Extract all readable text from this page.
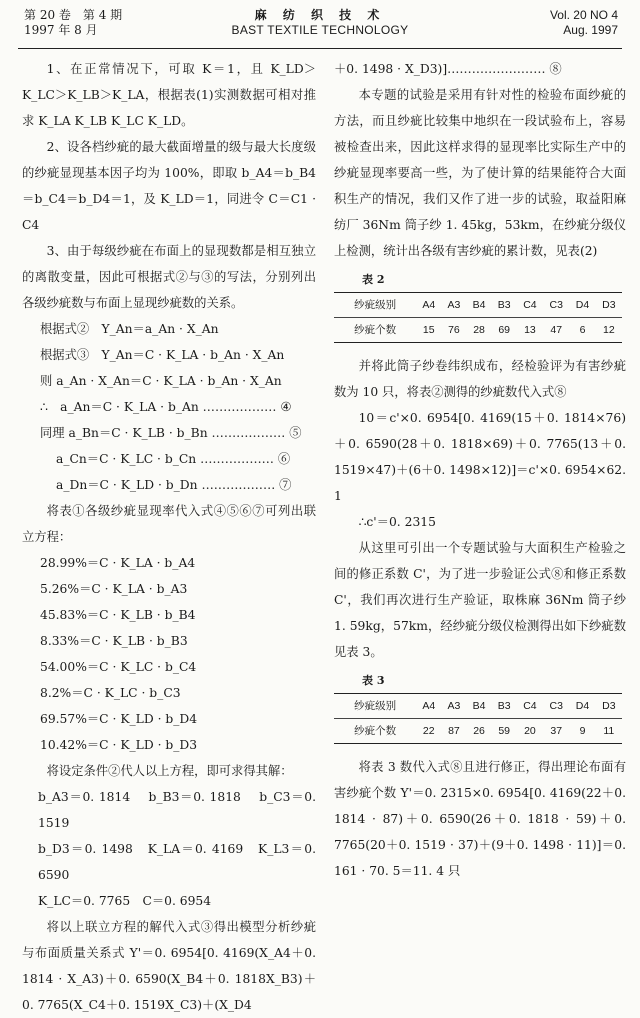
第 20 卷　第 4 期
1997 年 8 月
麻 纺 织 技 术
BAST TEXTILE TECHNOLOGY
Vol. 20 NO 4
Aug. 1997

1、在正常情况下，可取 K＝1，且 K_LD＞K_LC＞K_LB＞K_LA，根据表(1)实测数据可相对推求 K_LA K_LB K_LC K_LD。

2、设各档纱疵的最大截面增量的级与最大长度级的纱疵显现基本因子均为 100%，即取 b_A4＝b_B4＝b_C4＝b_D4＝1，及 K_LD＝1，同进令 C＝C1 · C4

3、由于每级纱疵在布面上的显现数都是相互独立的离散变量，因此可根据式②与③的写法，分别列出各级纱疵数与布面上显现纱疵数的关系。

根据式②　Y_An＝a_An · X_An
根据式③　Y_An＝C · K_LA · b_An · X_An
则 a_An · X_An＝C · K_LA · b_An · X_An
∴　a_An＝C · K_LA · b_An ……………… ④
同理 a_Bn＝C · K_LB · b_Bn ……………… ⑤
a_Cn＝C · K_LC · b_Cn ……………… ⑥
a_Dn＝C · K_LD · b_Dn ……………… ⑦

将表①各级纱疵显现率代入式④⑤⑥⑦可列出联立方程：

28.99%＝C · K_LA · b_A4
5.26%＝C · K_LA · b_A3
45.83%＝C · K_LB · b_B4
8.33%＝C · K_LB · b_B3
54.00%＝C · K_LC · b_C4
8.2%＝C · K_LC · b_C3
69.57%＝C · K_LD · b_D4
10.42%＝C · K_LD · b_D3

将设定条件②代人以上方程，即可求得其解：

b_A3＝0. 1814　 b_B3＝0. 1818　 b_C3＝0. 1519

b_D3＝0. 1498　K_LA＝0. 4169　K_L3＝0. 6590

K_LC＝0. 7765　C＝0. 6954

将以上联立方程的解代入式③得出模型分析纱疵与布面质量关系式 Y'＝0. 6954[0. 4169(X_A4＋0. 1814 · X_A3)＋0. 6590(X_B4＋0. 1818X_B3)＋0. 7765(X_C4＋0. 1519X_C3)＋(X_D4

＋0. 1498 · X_D3)]…………………… ⑧

本专题的试验是采用有针对性的检验布面纱疵的方法，而且纱疵比较集中地织在一段试验布上，容易被检查出来，因此这样求得的显现率比实际生产中的纱疵显现率要高一些，为了使计算的结果能符合大面积生产的情况，我们又作了进一步的试验，取益阳麻纺厂 36Nm 筒子纱 1. 45kg，53km，在纱疵分级仪上检测，统计出各级有害纱疵的累计数，见表(2)

表 2
纱疵级别	A4	A3	B4	B3	C4	C3	D4	D3
纱疵个数	15	76	28	69	13	47	6	12

并将此筒子纱卷纬织成布，经检验评为有害纱疵数为 10 只，将表②测得的纱疵数代入式⑧

10＝c'×0. 6954[0. 4169(15＋0. 1814×76)＋0. 6590(28＋0. 1818×69)＋0. 7765(13＋0. 1519×47)＋(6＋0. 1498×12)]＝c'×0. 6954×62. 1

∴c'＝0. 2315

从这里可引出一个专题试验与大面积生产检验之间的修正系数 C'，为了进一步验证公式⑧和修正系数 C'，我们再次进行生产验证，取株麻 36Nm 筒子纱 1. 59kg，57km，经纱疵分级仪检测得出如下纱疵数见表 3。

表 3
纱疵级别	A4	A3	B4	B3	C4	C3	D4	D3
纱疵个数	22	87	26	59	20	37	9	11

将表 3 数代入式⑧且进行修正，得出理论布面有害纱疵个数 Y'＝0. 2315×0. 6954[0. 4169(22＋0. 1814 · 87)＋0. 6590(26＋0. 1818 · 59)＋0. 7765(20＋0. 1519 · 37)＋(9＋0. 1498 · 11)]＝0. 161 · 70. 5＝11. 4 只
